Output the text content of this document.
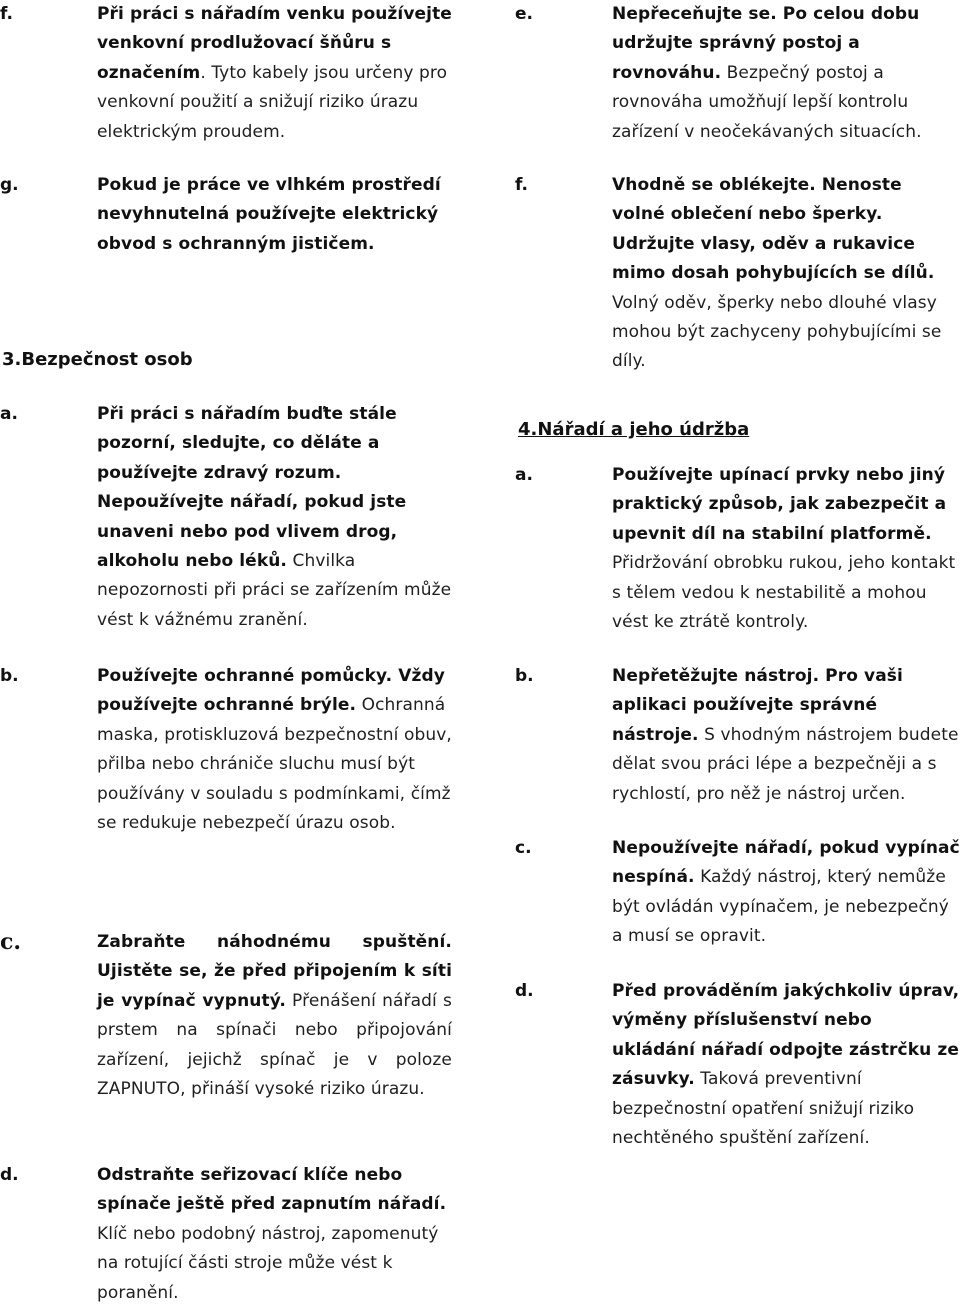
f.	Při práci s nářadím venku používejte venkovní prodlužovací šňůru s označením. Tyto kabely jsou určeny pro venkovní použití a snižují riziko úrazu elektrickým proudem.
g.	Pokud je práce ve vlhkém prostředí nevyhnutelná používejte elektrický obvod s ochranným jističem.
3.Bezpečnost osob
a.	Při práci s nářadím buďte stále pozorní, sledujte, co děláte a používejte zdravý rozum. Nepoužívejte nářadí, pokud jste unaveni nebo pod vlivem drog, alkoholu nebo léků. Chvilka nepozornosti při práci se zařízením může vést k vážnému zranění.
b.	Používejte ochranné pomůcky. Vždy používejte ochranné brýle. Ochranná maska, protiskluzová bezpečnostní obuv, přilba nebo chrániče sluchu musí být používány v souladu s podmínkami, čímž se redukuje nebezpečí úrazu osob.
c.	Zabraňte náhodnému spuštění. Ujistěte se, že před připojením k síti je vypínač vypnutý. Přenášení nářadí s prstem na spínači nebo připojování zařízení, jejichž spínač je v poloze ZAPNUTO, přináší vysoké riziko úrazu.
d.	Odstraňte seřizovací klíče nebo spínače ještě před zapnutím nářadí. Klíč nebo podobný nástroj, zapomenutý na rotující části stroje může vést k poranění.
e.	Nepřeceňujte se. Po celou dobu udržujte správný postoj a rovnováhu. Bezpečný postoj a rovnováha umožňují lepší kontrolu zařízení v neočekávaných situacích.
f.	Vhodně se oblékejte. Nenoste volné oblečení nebo šperky. Udržujte vlasy, oděv a rukavice mimo dosah pohybujících se dílů. Volný oděv, šperky nebo dlouhé vlasy mohou být zachyceny pohybujícími se díly.
4.Nářadí a jeho údržba
a.	Používejte upínací prvky nebo jiný praktický způsob, jak zabezpečit a upevnit díl na stabilní platformě. Přidržování obrobku rukou, jeho kontakt s tělem vedou k nestabilitě a mohou vést ke ztrátě kontroly.
b.	Nepřetěžujte nástroj. Pro vaši aplikaci používejte správné nástroje. S vhodným nástrojem budete dělat svou práci lépe a bezpečněji a s rychlostí, pro něž je nástroj určen.
c.	Nepoužívejte nářadí, pokud vypínač nespíná. Každý nástroj, který nemůže být ovládán vypínačem, je nebezpečný a musí se opravit.
d.	Před prováděním jakýchkoliv úprav, výměny příslušenství nebo ukládání nářadí odpojte zástrčku ze zásuvky. Taková preventivní bezpečnostní opatření snižují riziko nechtěného spuštění zařízení.
